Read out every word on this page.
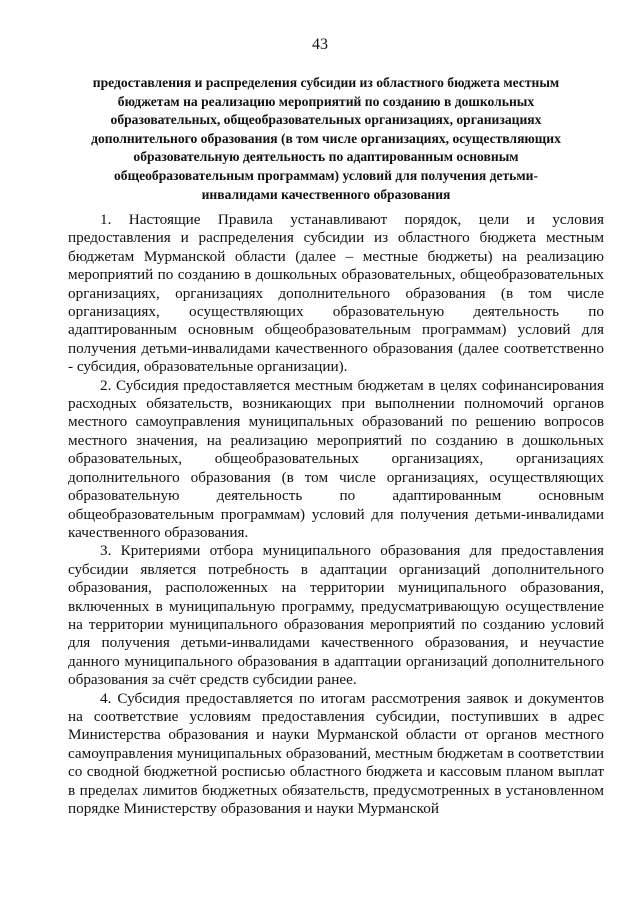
43
предоставления и распределения субсидии из областного бюджета местным бюджетам на реализацию мероприятий по созданию в дошкольных образовательных, общеобразовательных организациях, организациях дополнительного образования (в том числе организациях, осуществляющих образовательную деятельность по адаптированным основным общеобразовательным программам) условий для получения детьми-инвалидами качественного образования

1. Настоящие Правила устанавливают порядок, цели и условия предоставления и распределения субсидии из областного бюджета местным бюджетам Мурманской области (далее – местные бюджеты) на реализацию мероприятий по созданию в дошкольных образовательных, общеобразовательных организациях, организациях дополнительного образования (в том числе организациях, осуществляющих образовательную деятельность по адаптированным основным общеобразовательным программам) условий для получения детьми-инвалидами качественного образования (далее соответственно - субсидия, образовательные организации).

2. Субсидия предоставляется местным бюджетам в целях софинансирования расходных обязательств, возникающих при выполнении полномочий органов местного самоуправления муниципальных образований по решению вопросов местного значения, на реализацию мероприятий по созданию в дошкольных образовательных, общеобразовательных организациях, организациях дополнительного образования (в том числе организациях, осуществляющих образовательную деятельность по адаптированным основным общеобразовательным программам) условий для получения детьми-инвалидами качественного образования.

3. Критериями отбора муниципального образования для предоставления субсидии является потребность в адаптации организаций дополнительного образования, расположенных на территории муниципального образования, включенных в муниципальную программу, предусматривающую осуществление на территории муниципального образования мероприятий по созданию условий для получения детьми-инвалидами качественного образования, и неучастие данного муниципального образования в адаптации организаций дополнительного образования за счёт средств субсидии ранее.

4. Субсидия предоставляется по итогам рассмотрения заявок и документов на соответствие условиям предоставления субсидии, поступивших в адрес Министерства образования и науки Мурманской области от органов местного самоуправления муниципальных образований, местным бюджетам в соответствии со сводной бюджетной росписью областного бюджета и кассовым планом выплат в пределах лимитов бюджетных обязательств, предусмотренных в установленном порядке Министерству образования и науки Мурманской
